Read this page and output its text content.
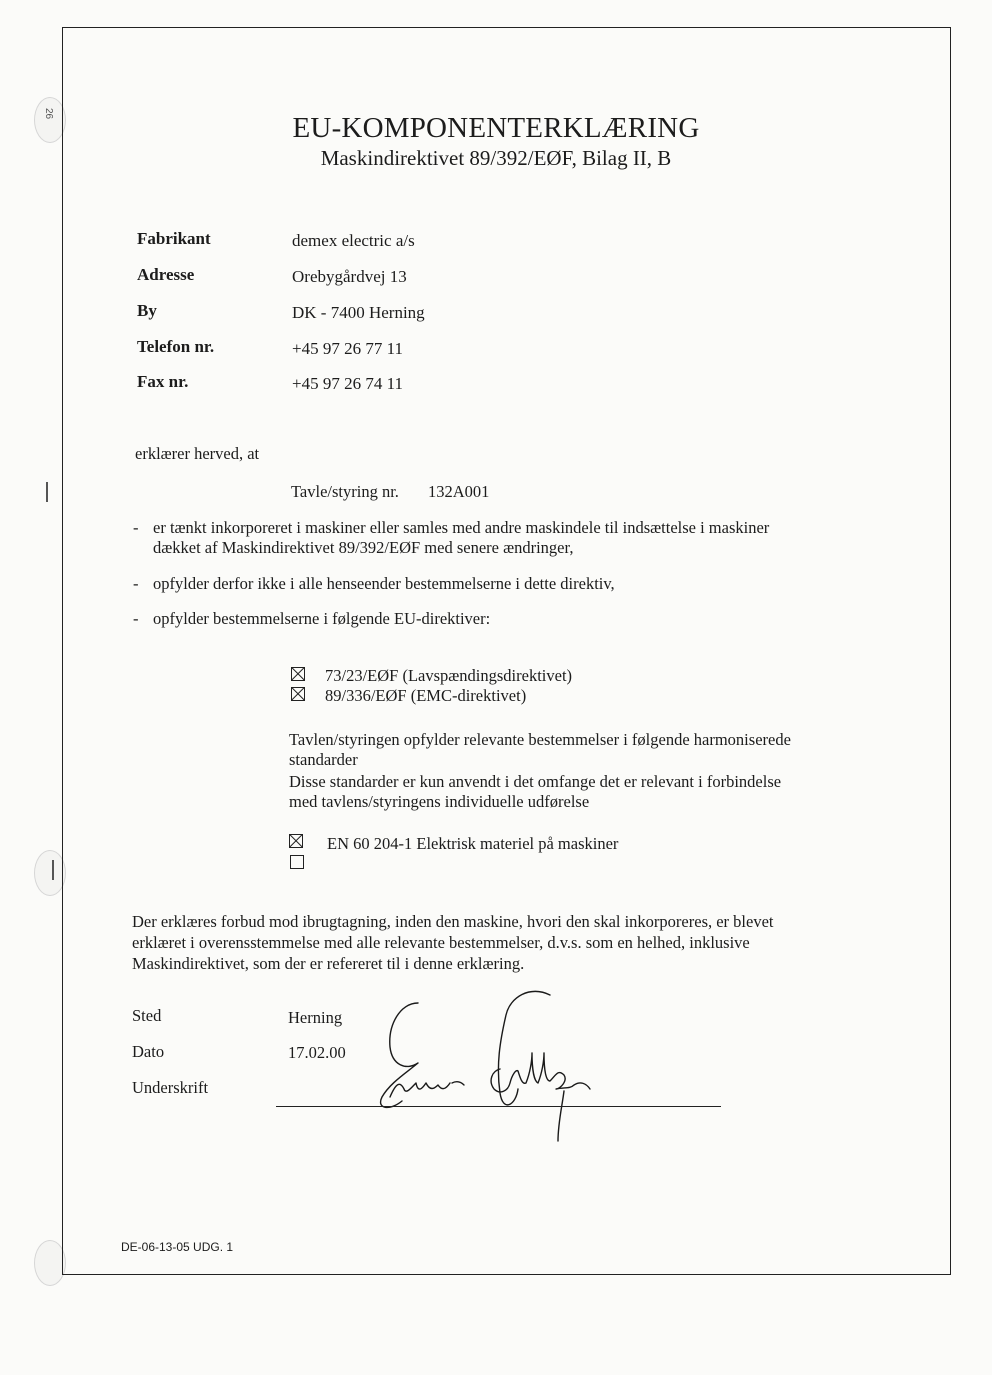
26	EU-KOMPONENTERKLÆRING
Maskindirektivet 89/392/EØF, Bilag II, B
Fabrikant	demex electric a/s
Adresse	Orebygårdvej 13
By	DK - 7400 Herning
Telefon nr.	+45 97 26 77 11
Fax nr.	+45 97 26 74 11
erklærer herved, at
Tavle/styring nr. 132A001
- er tænkt inkorporeret i maskiner eller samles med andre maskindele til indsættelse i maskiner
dækket af Maskindirektivet 89/392/EØF med senere ændringer,
- opfylder derfor ikke i alle henseender bestemmelserne i dette direktiv,
- opfylder bestemmelserne i følgende EU-direktiver:
73/23/EØF (Lavspændingsdirektivet)
89/336/EØF (EMC-direktivet)
Tavlen/styringen opfylder relevante bestemmelser i følgende harmoniserede
standarder
Disse standarder er kun anvendt i det omfange det er relevant i forbindelse
med tavlens/styringens individuelle udførelse
EN 60 204-1 Elektrisk materiel på maskiner
Der erklæres forbud mod ibrugtagning, inden den maskine, hvori den skal inkorporeres, er blevet
erklæret i overensstemmelse med alle relevante bestemmelser, d.v.s. som en helhed, inklusive
Maskindirektivet, som der er refereret til i denne erklæring.
Sted	Herning
Dato	17.02.00
Underskrift
DE-06-13-05 UDG. 1
